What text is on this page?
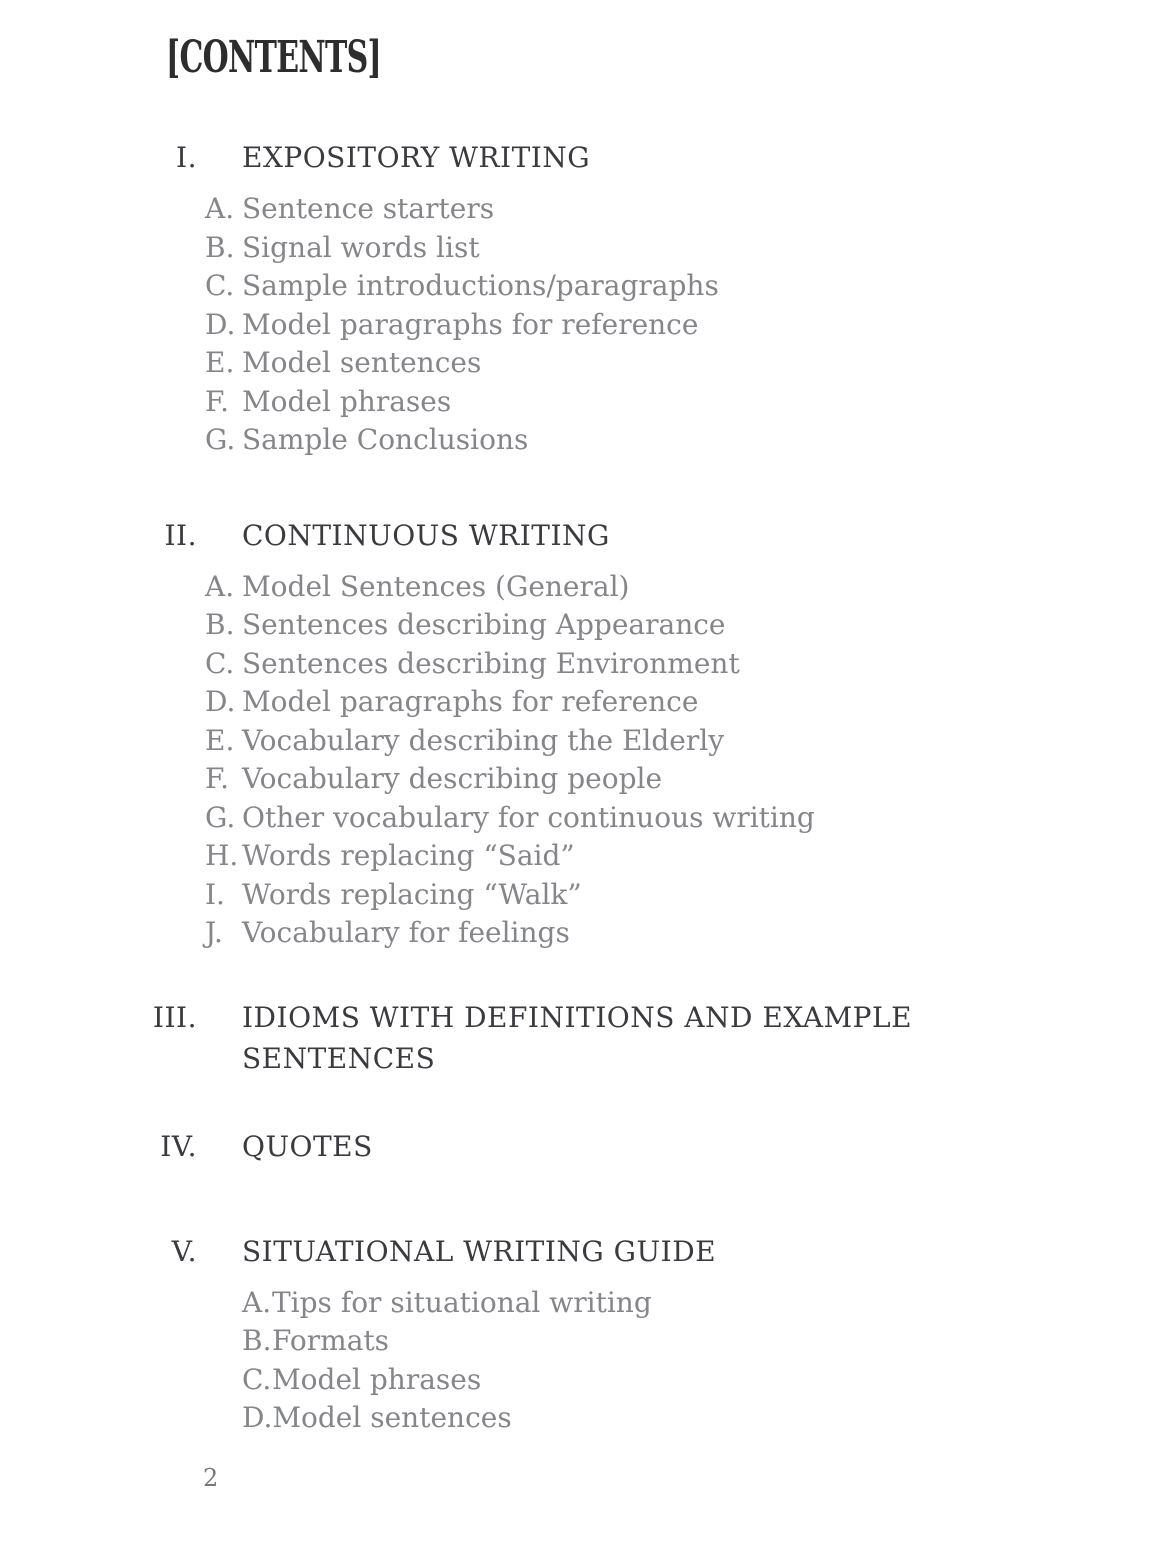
[CONTENTS]
I. EXPOSITORY WRITING
A. Sentence starters
B. Signal words list
C. Sample introductions/paragraphs
D. Model paragraphs for reference
E. Model sentences
F. Model phrases
G. Sample Conclusions
II. CONTINUOUS WRITING
A. Model Sentences (General)
B. Sentences describing Appearance
C. Sentences describing Environment
D. Model paragraphs for reference
E. Vocabulary describing the Elderly
F. Vocabulary describing people
G. Other vocabulary for continuous writing
H. Words replacing “Said”
I. Words replacing “Walk”
J. Vocabulary for feelings
III. IDIOMS WITH DEFINITIONS AND EXAMPLE SENTENCES
IV. QUOTES
V. SITUATIONAL WRITING GUIDE
A. Tips for situational writing
B. Formats
C. Model phrases
D. Model sentences
2
